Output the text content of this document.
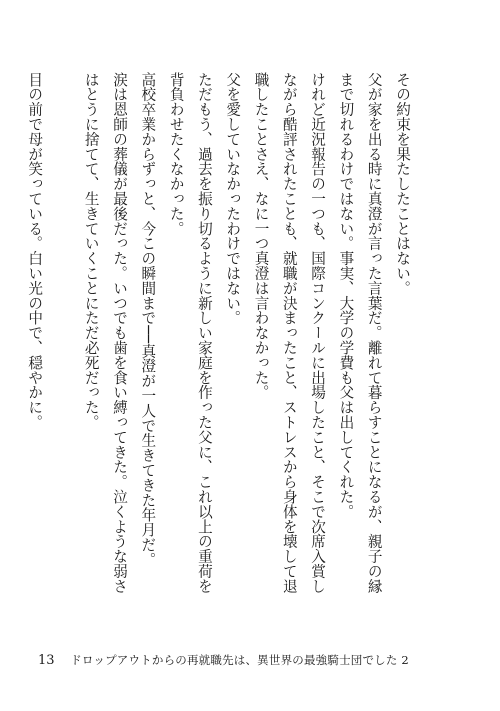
その約束を果たしたことはない。

父が家を出る時に真澄が言った言葉だ。離れて暮らすことになるが、親子の縁まで切れるわけではない。事実、大学の学費も父は出してくれた。

けれど近況報告の一つも、国際コンクールに出場したこと、そこで次席入賞しながら酷評されたことも、就職が決まったこと、ストレスから身体を壊して退職したことさえ、なに一つ真澄は言わなかった。

父を愛していなかったわけではない。

ただもう、過去を振り切るように新しい家庭を作った父に、これ以上の重荷を背負わせたくなかった。

高校卒業からずっと、今この瞬間まで──真澄が一人で生きてきた年月だ。

涙は恩師の葬儀が最後だった。いつでも歯を食い縛ってきた。泣くような弱さはとうに捨てて、生きていくことにただ必死だった。

目の前で母が笑っている。白い光の中で、穏やかに。

13 ドロップアウトからの再就職先は、異世界の最強騎士団でした 2
